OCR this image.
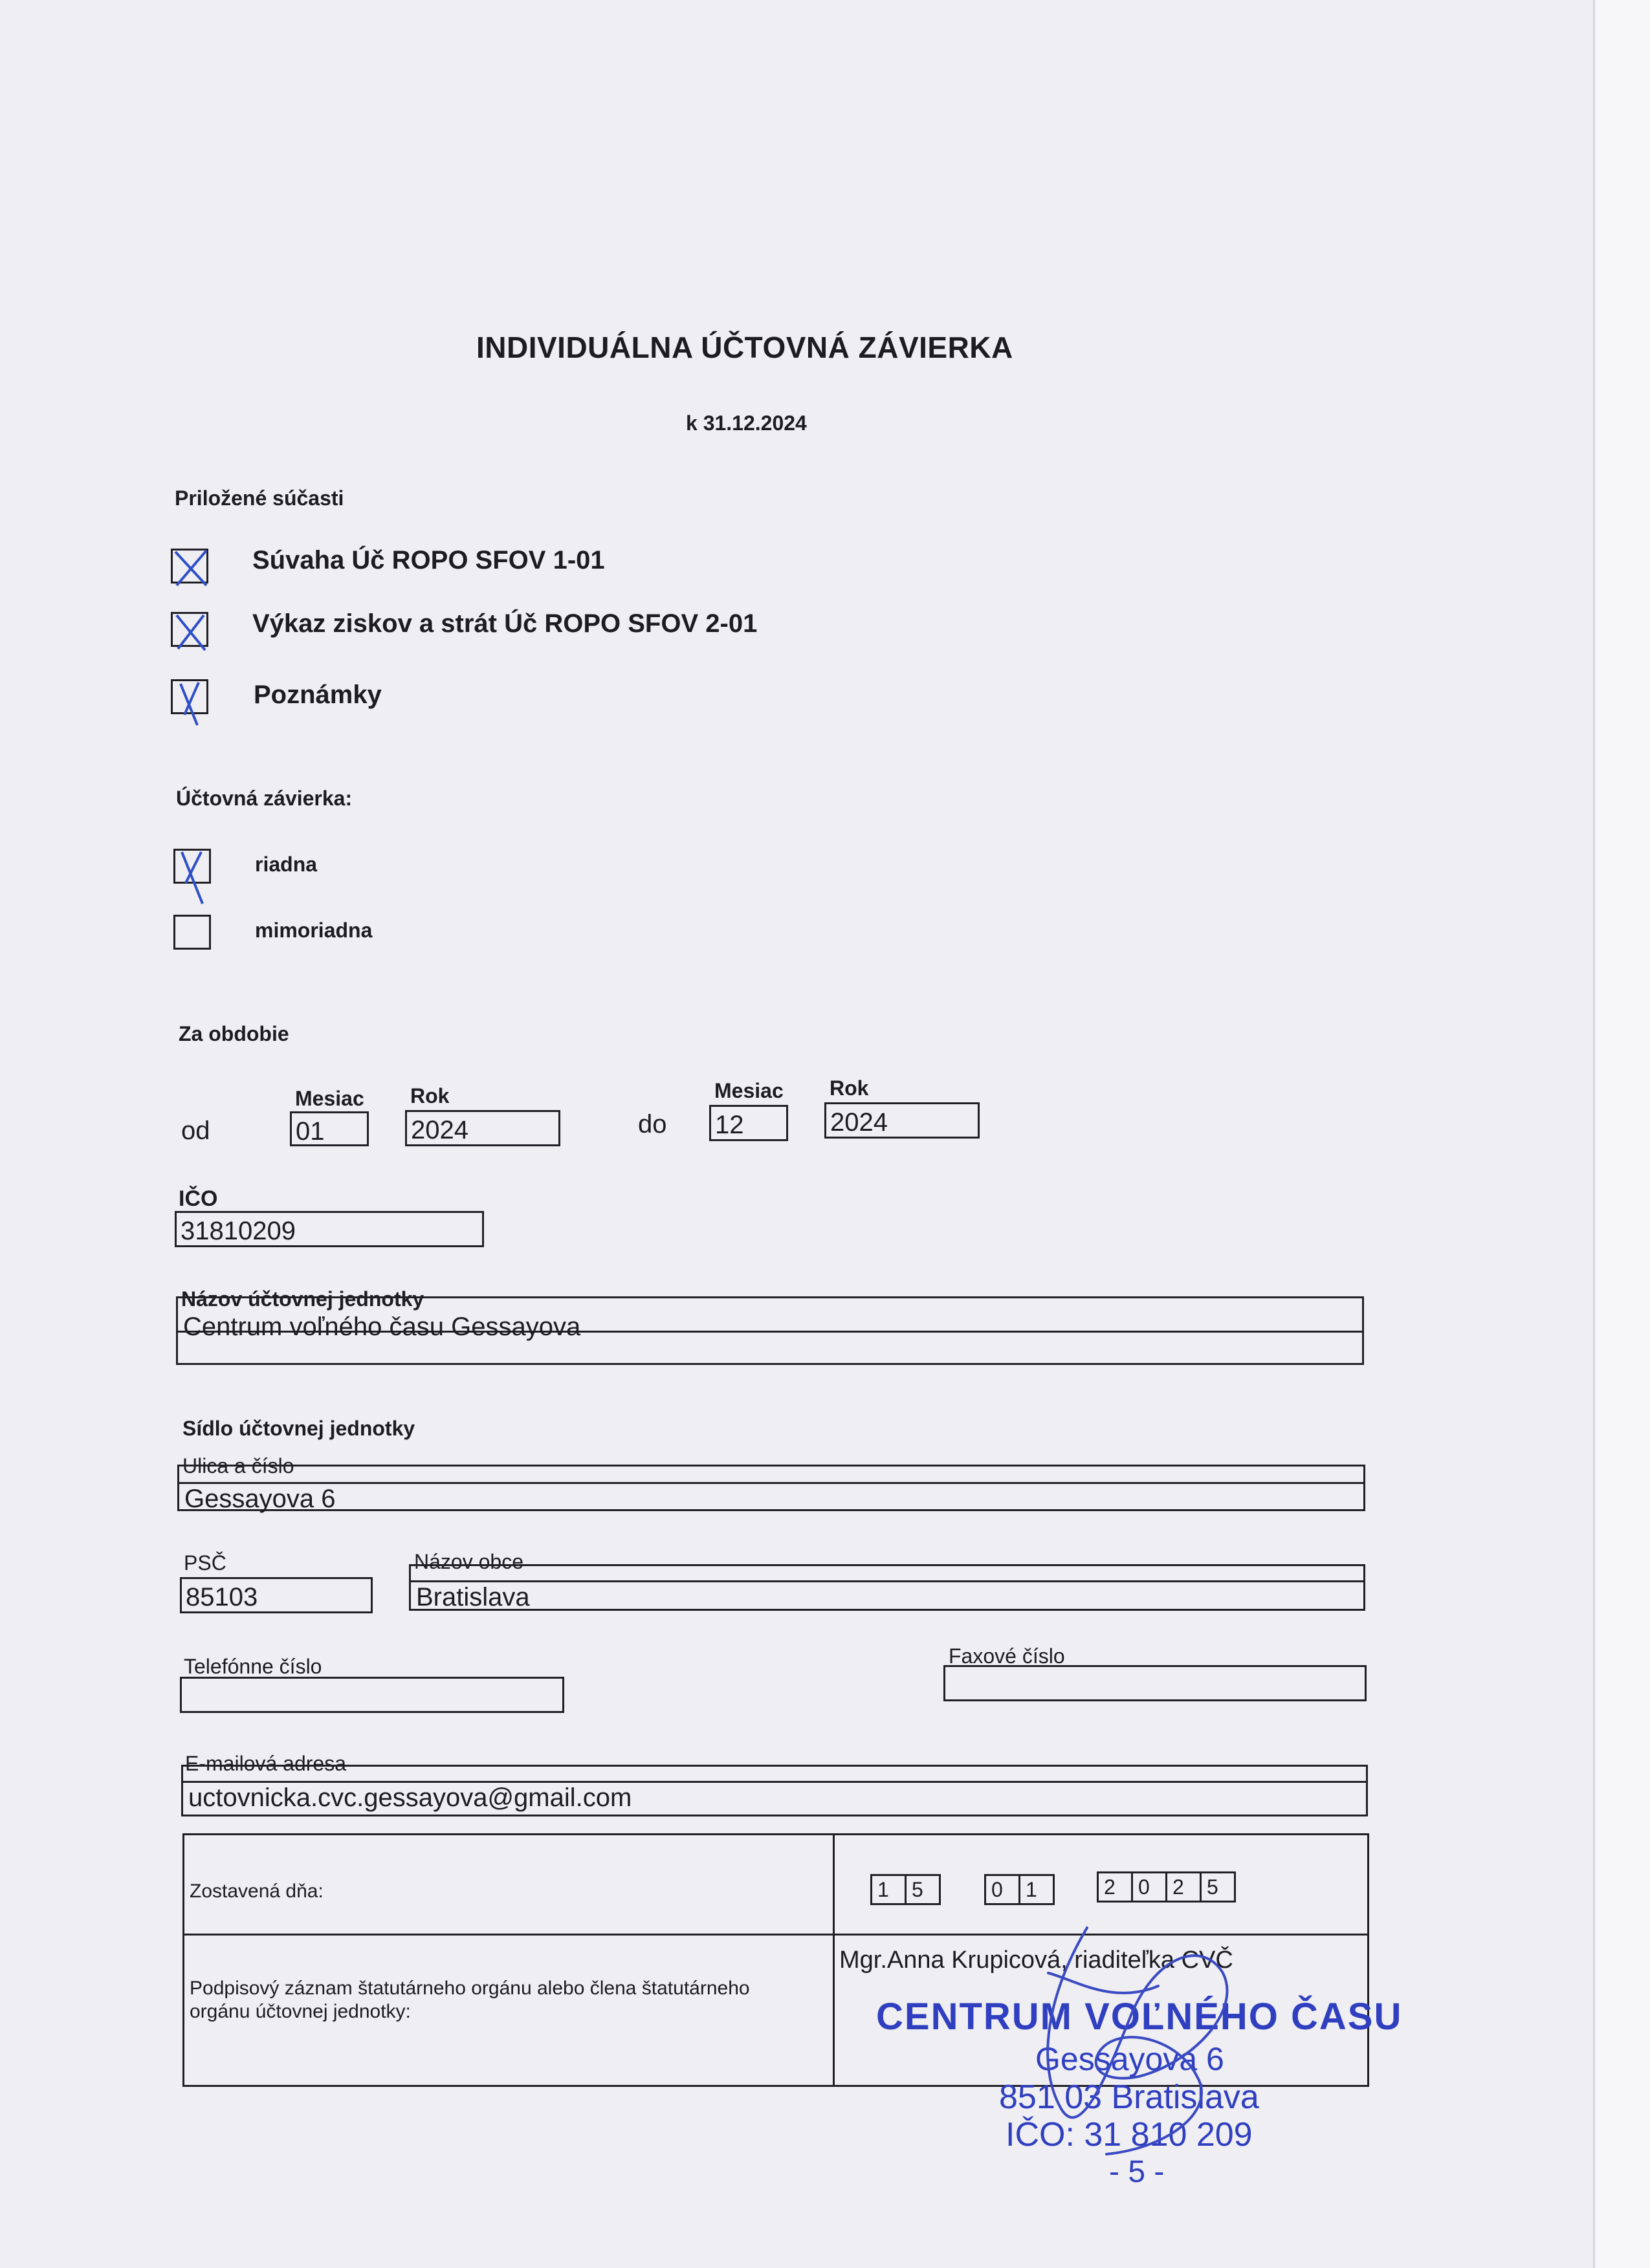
INDIVIDUÁLNA ÚČTOVNÁ ZÁVIERKA
k 31.12.2024
Priložené súčasti
Súvaha Úč ROPO SFOV 1-01
Výkaz ziskov a strát Úč ROPO SFOV 2-01
Poznámky
Účtovná závierka:
riadna
mimoriadna
Za obdobie
Mesiac Rok
od	01	2024
Mesiac Rok
do 12	2024
IČO
31810209
Názov účtovnej jednotky
Centrum voľného času Gessayova
Sídlo účtovnej jednotky
Ulica a číslo
Gessayova 6
PSČ
85103
Názov obce
Bratislava
Telefónne číslo	Faxové číslo
E-mailová adresa
uctovnicka.cvc.gessayova@gmail.com
Zostavená dňa:	1	5	0	1	2	0	2	5
Podpisový záznam štatutárneho orgánu alebo člena štatutárneho
orgánu účtovnej jednotky:
Mgr.Anna Krupicová, riaditeľka CVČ
CENTRUM VOĽNÉHO ČASU
Gessayova 6
851 03 Bratislava
IČO: 31 810 209
- 5 -
